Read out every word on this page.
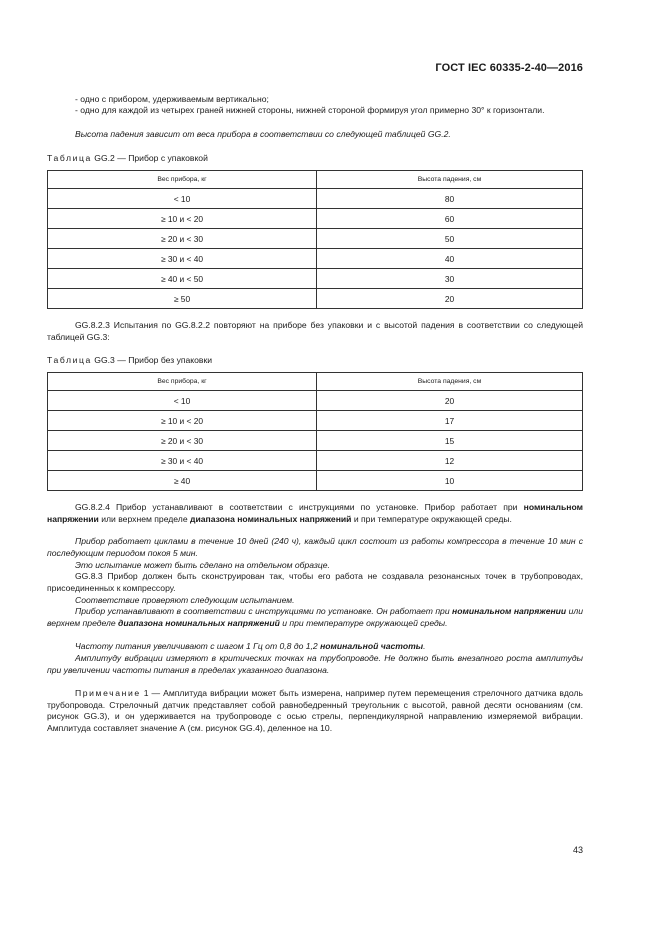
ГОСТ IEC 60335-2-40—2016
- одно с прибором, удерживаемым вертикально;
- одно для каждой из четырех граней нижней стороны, нижней стороной формируя угол примерно 30° к горизонтали.
Высота падения зависит от веса прибора в соответствии со следующей таблицей GG.2.
Таблица GG.2 — Прибор с упаковкой
Вес прибора, кг	Высота падения, см
< 10	80
≥ 10 и < 20	60
≥ 20 и < 30	50
≥ 30 и < 40	40
≥ 40 и < 50	30
≥ 50	20
GG.8.2.3 Испытания по GG.8.2.2 повторяют на приборе без упаковки и с высотой падения в соответствии со следующей таблицей GG.3:
Таблица GG.3 — Прибор без упаковки
Вес прибора, кг	Высота падения, см
< 10	20
≥ 10 и < 20	17
≥ 20 и < 30	15
≥ 30 и < 40	12
≥ 40	10
GG.8.2.4 Прибор устанавливают в соответствии с инструкциями по установке. Прибор работает при номинальном напряжении или верхнем пределе диапазона номинальных напряжений и при температуре окружающей среды.
Прибор работает циклами в течение 10 дней (240 ч), каждый цикл состоит из работы компрессора в течение 10 мин с последующим периодом покоя 5 мин.
Это испытание может быть сделано на отдельном образце.
GG.8.3 Прибор должен быть сконструирован так, чтобы его работа не создавала резонансных точек в трубопроводах, присоединенных к компрессору.
Соответствие проверяют следующим испытанием.
Прибор устанавливают в соответствии с инструкциями по установке. Он работает при номинальном напряжении или верхнем пределе диапазона номинальных напряжений и при температуре окружающей среды.
Частоту питания увеличивают с шагом 1 Гц от 0,8 до 1,2 номинальной частоты.
Амплитуду вибрации измеряют в критических точках на трубопроводе. Не должно быть внезапного роста амплитуды при увеличении частоты питания в пределах указанного диапазона.
Примечание 1 — Амплитуда вибрации может быть измерена, например путем перемещения стрелочного датчика вдоль трубопровода. Стрелочный датчик представляет собой равнобедренный треугольник с высотой, равной десяти основаниям (см. рисунок GG.3), и он удерживается на трубопроводе с осью стрелы, перпендикулярной направлению измеряемой вибрации. Амплитуда составляет значение А (см. рисунок GG.4), деленное на 10.
43
